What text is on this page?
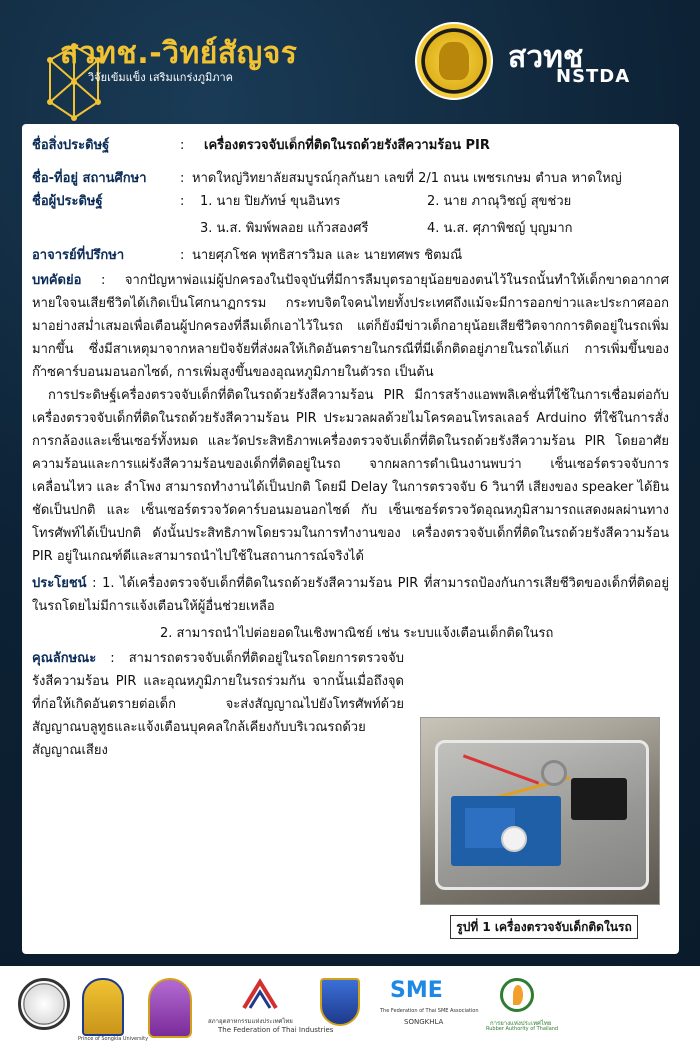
สวทช.-วิทย์สัญจร
วิจัยเข้มแข็ง เสริมแกร่งภูมิภาค
สวทช
NSTDA
ชื่อสิ่งประดิษฐ์	: เครื่องตรวจจับเด็กที่ติดในรถด้วยรังสีความร้อน PIR
ชื่อ-ที่อยู่ สถานศึกษา	: หาดใหญ่วิทยาลัยสมบูรณ์กุลกันยา เลขที่ 2/1 ถนน เพชรเกษม ตำบล หาดใหญ่
ชื่อผู้ประดิษฐ์	: 1. นาย ปิยภัทษ์ ขุนอินทร	2. นาย ภาณุวิชญ์ สุขช่วย
3. น.ส. พิมพ์พลอย แก้วสองศรี	4. น.ส. ศุภาพิชญ์ บุญมาก
อาจารย์ที่ปรึกษา	: นายศุภโชค พุทธิสารวิมล และ นายทศพร ชิตมณี
บทคัดย่อ : จากปัญหาพ่อแม่ผู้ปกครองในปัจจุบันที่มีการลืมบุตรอายุน้อยของตนไว้ในรถนั้นทำให้เด็กขาดอากาศหายใจจนเสียชีวิตได้เกิดเป็นโศกนาฏกรรม กระทบจิตใจคนไทยทั้งประเทศถึงแม้จะมีการออกข่าวและประกาศออกมาอย่างสม่ำเสมอเพื่อเตือนผู้ปกครองที่ลืมเด็กเอาไว้ในรถ แต่ก็ยังมีข่าวเด็กอายุน้อยเสียชีวิตจากการติดอยู่ในรถเพิ่มมากขึ้น ซึ่งมีสาเหตุมาจากหลายปัจจัยที่ส่งผลให้เกิดอันตรายในกรณีที่มีเด็กติดอยู่ภายในรถได้แก่ การเพิ่มขึ้นของก๊าซคาร์บอนมอนอกไซด์, การเพิ่มสูงขึ้นของอุณหภูมิภายในตัวรถ เป็นต้น
การประดิษฐ์เครื่องตรวจจับเด็กที่ติดในรถด้วยรังสีความร้อน PIR มีการสร้างแอพพลิเคชั่นที่ใช้ในการเชื่อมต่อกับเครื่องตรวจจับเด็กที่ติดในรถด้วยรังสีความร้อน PIR ประมวลผลด้วยไมโครคอนโทรลเลอร์ Arduino ที่ใช้ในการสั่งการกล้องและเซ็นเซอร์ทั้งหมด และวัดประสิทธิภาพเครื่องตรวจจับเด็กที่ติดในรถด้วยรังสีความร้อน PIR โดยอาศัยความร้อนและการแผ่รังสีความร้อนของเด็กที่ติดอยู่ในรถ จากผลการดำเนินงานพบว่า เซ็นเซอร์ตรวจจับการเคลื่อนไหว และ ลำโพง สามารถทำงานได้เป็นปกติ โดยมี Delay ในการตรวจจับ 6 วินาที เสียงของ speaker ได้ยินชัดเป็นปกติ และ เซ็นเซอร์ตรวจวัดคาร์บอนมอนอกไซด์ กับ เซ็นเซอร์ตรวจวัดอุณหภูมิสามารถแสดงผลผ่านทางโทรศัพท์ได้เป็นปกติ ดังนั้นประสิทธิภาพโดยรวมในการทำงานของ เครื่องตรวจจับเด็กที่ติดในรถด้วยรังสีความร้อน PIR อยู่ในเกณฑ์ดีและสามารถนำไปใช้ในสถานการณ์จริงได้
ประโยชน์ : 1. ได้เครื่องตรวจจับเด็กที่ติดในรถด้วยรังสีความร้อน PIR ที่สามารถป้องกันการเสียชีวิตของเด็กที่ติดอยู่ในรถโดยไม่มีการแจ้งเตือนให้ผู้อื่นช่วยเหลือ
2. สามารถนำไปต่อยอดในเชิงพาณิชย์ เช่น ระบบแจ้งเตือนเด็กติดในรถ
คุณลักษณะ : สามารถตรวจจับเด็กที่ติดอยู่ในรถโดยการตรวจจับรังสีความร้อน PIR และอุณหภูมิภายในรถร่วมกัน จากนั้นเมื่อถึงจุดที่ก่อให้เกิดอันตรายต่อเด็ก จะส่งสัญญาณไปยังโทรศัพท์ด้วยสัญญาณบลูทูธและแจ้งเตือนบุคคลใกล้เคียงกับบริเวณรถด้วยสัญญาณเสียง
รูปที่ 1 เครื่องตรวจจับเด็กติดในรถ
Prince of Songkla University
สภาอุตสาหกรรมแห่งประเทศไทย
The Federation of Thai Industries
SME
The Federation of Thai SME Association
SONGKHLA	การยางแห่งประเทศไทย
Rubber Authority of Thailand
